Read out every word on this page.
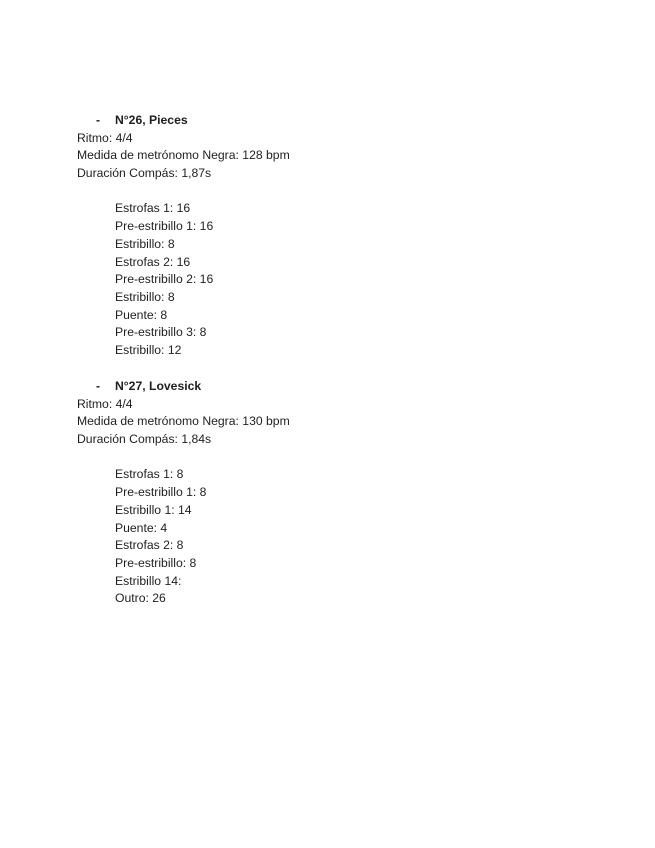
-	N°26, Pieces
Ritmo: 4/4
Medida de metrónomo Negra: 128 bpm
Duración Compás: 1,87s
Estrofas 1: 16
Pre-estribillo 1: 16
Estribillo: 8
Estrofas 2: 16
Pre-estribillo 2: 16
Estribillo: 8
Puente: 8
Pre-estribillo 3: 8
Estribillo: 12
-	N°27, Lovesick
Ritmo: 4/4
Medida de metrónomo Negra: 130 bpm
Duración Compás: 1,84s
Estrofas 1: 8
Pre-estribillo 1: 8
Estribillo 1: 14
Puente: 4
Estrofas 2: 8
Pre-estribillo: 8
Estribillo 14:
Outro: 26
